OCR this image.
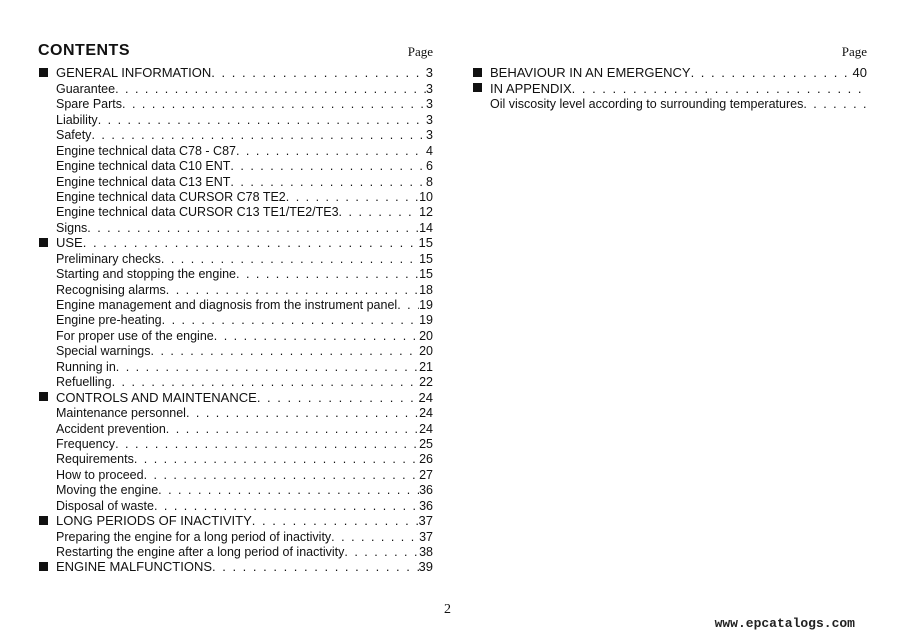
CONTENTS	Page
GENERAL INFORMATION . . .	3
Guarantee . . .	3
Spare Parts . . .	3
Liability . . .	3
Safety . . .	3
Engine technical data C78 - C87 . . .	4
Engine technical data C10 ENT . . .	6
Engine technical data C13 ENT . . .	8
Engine technical data CURSOR C78 TE2 . . .	10
Engine technical data CURSOR C13 TE1/TE2/TE3 . . .	12
Signs . . .	14
USE . . .	15
Preliminary checks . . .	15
Starting and stopping the engine . . .	15
Recognising alarms . . .	18
Engine management and diagnosis from the instrument panel . . . 19
Engine pre-heating . . .	19
For proper use of the engine . . .	20
Special warnings . . .	20
Running in . . .	21
Refuelling . . .	22
CONTROLS AND MAINTENANCE . . .	24
Maintenance personnel . . .	24
Accident prevention . . .	24
Frequency . . .	25
Requirements . . .	26
How to proceed . . .	27
Moving the engine . . .	36
Disposal of waste . . .	36
LONG PERIODS OF INACTIVITY . . .	37
Preparing the engine for a long period of inactivity . . .	37
Restarting the engine after a long period of inactivity . . .	38
ENGINE MALFUNCTIONS . . .	39
Page
BEHAVIOUR IN AN EMERGENCY . . .	40
IN APPENDIX
. . .
Oil viscosity level according to surrounding temperatures
. . .
2
www.epcatalogs.com
